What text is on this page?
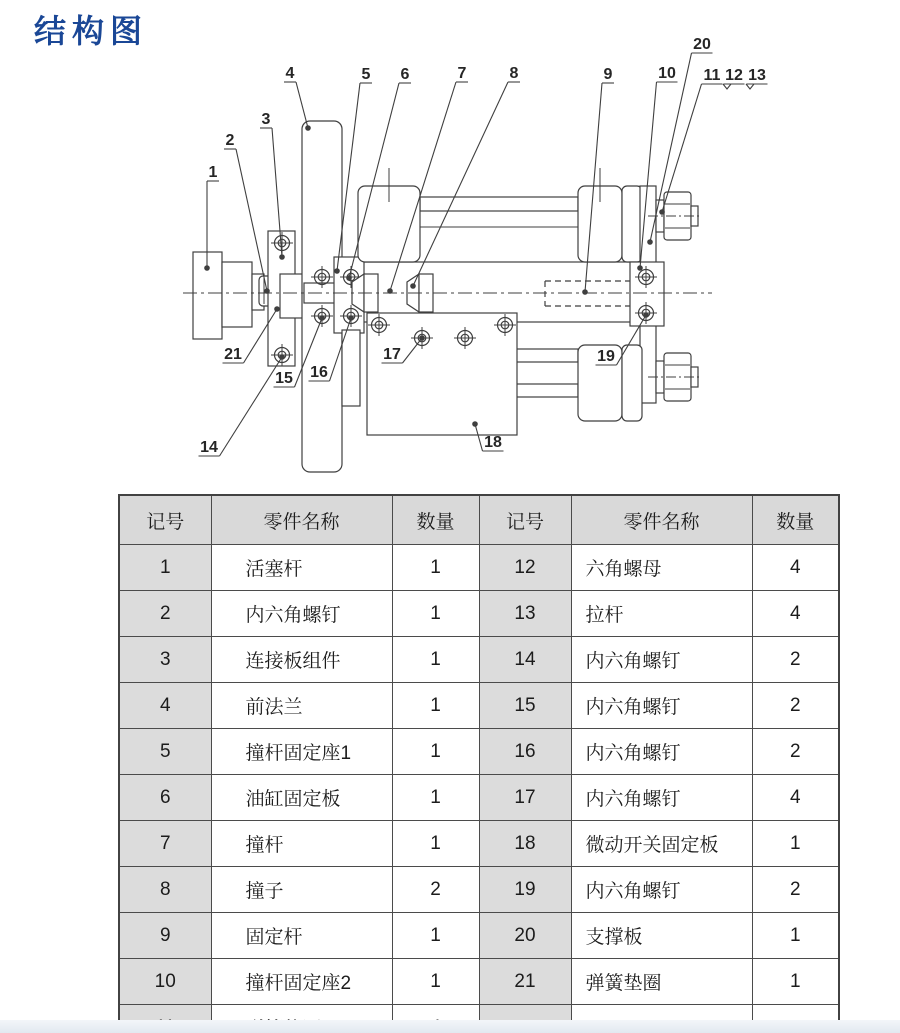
结构图
1
2
3
4	5 6	7	8	9	10
20
11 12 13
14
15 16
17
18
19
21
记号	零件名称	数量	记号	零件名称	数量
1	活塞杆	1	12	六角螺母	4
2	内六角螺钉	1	13	拉杆	4
3	连接板组件	1	14	内六角螺钉	2
4	前法兰	1	15	内六角螺钉	2
5	撞杆固定座1	1	16	内六角螺钉	2
6	油缸固定板	1	17	内六角螺钉	4
7	撞杆	1	18	微动开关固定板	1
8	撞子	2	19	内六角螺钉	2
9	固定杆	1	20	支撑板	1
10	撞杆固定座2	1	21	弹簧垫圈	1
